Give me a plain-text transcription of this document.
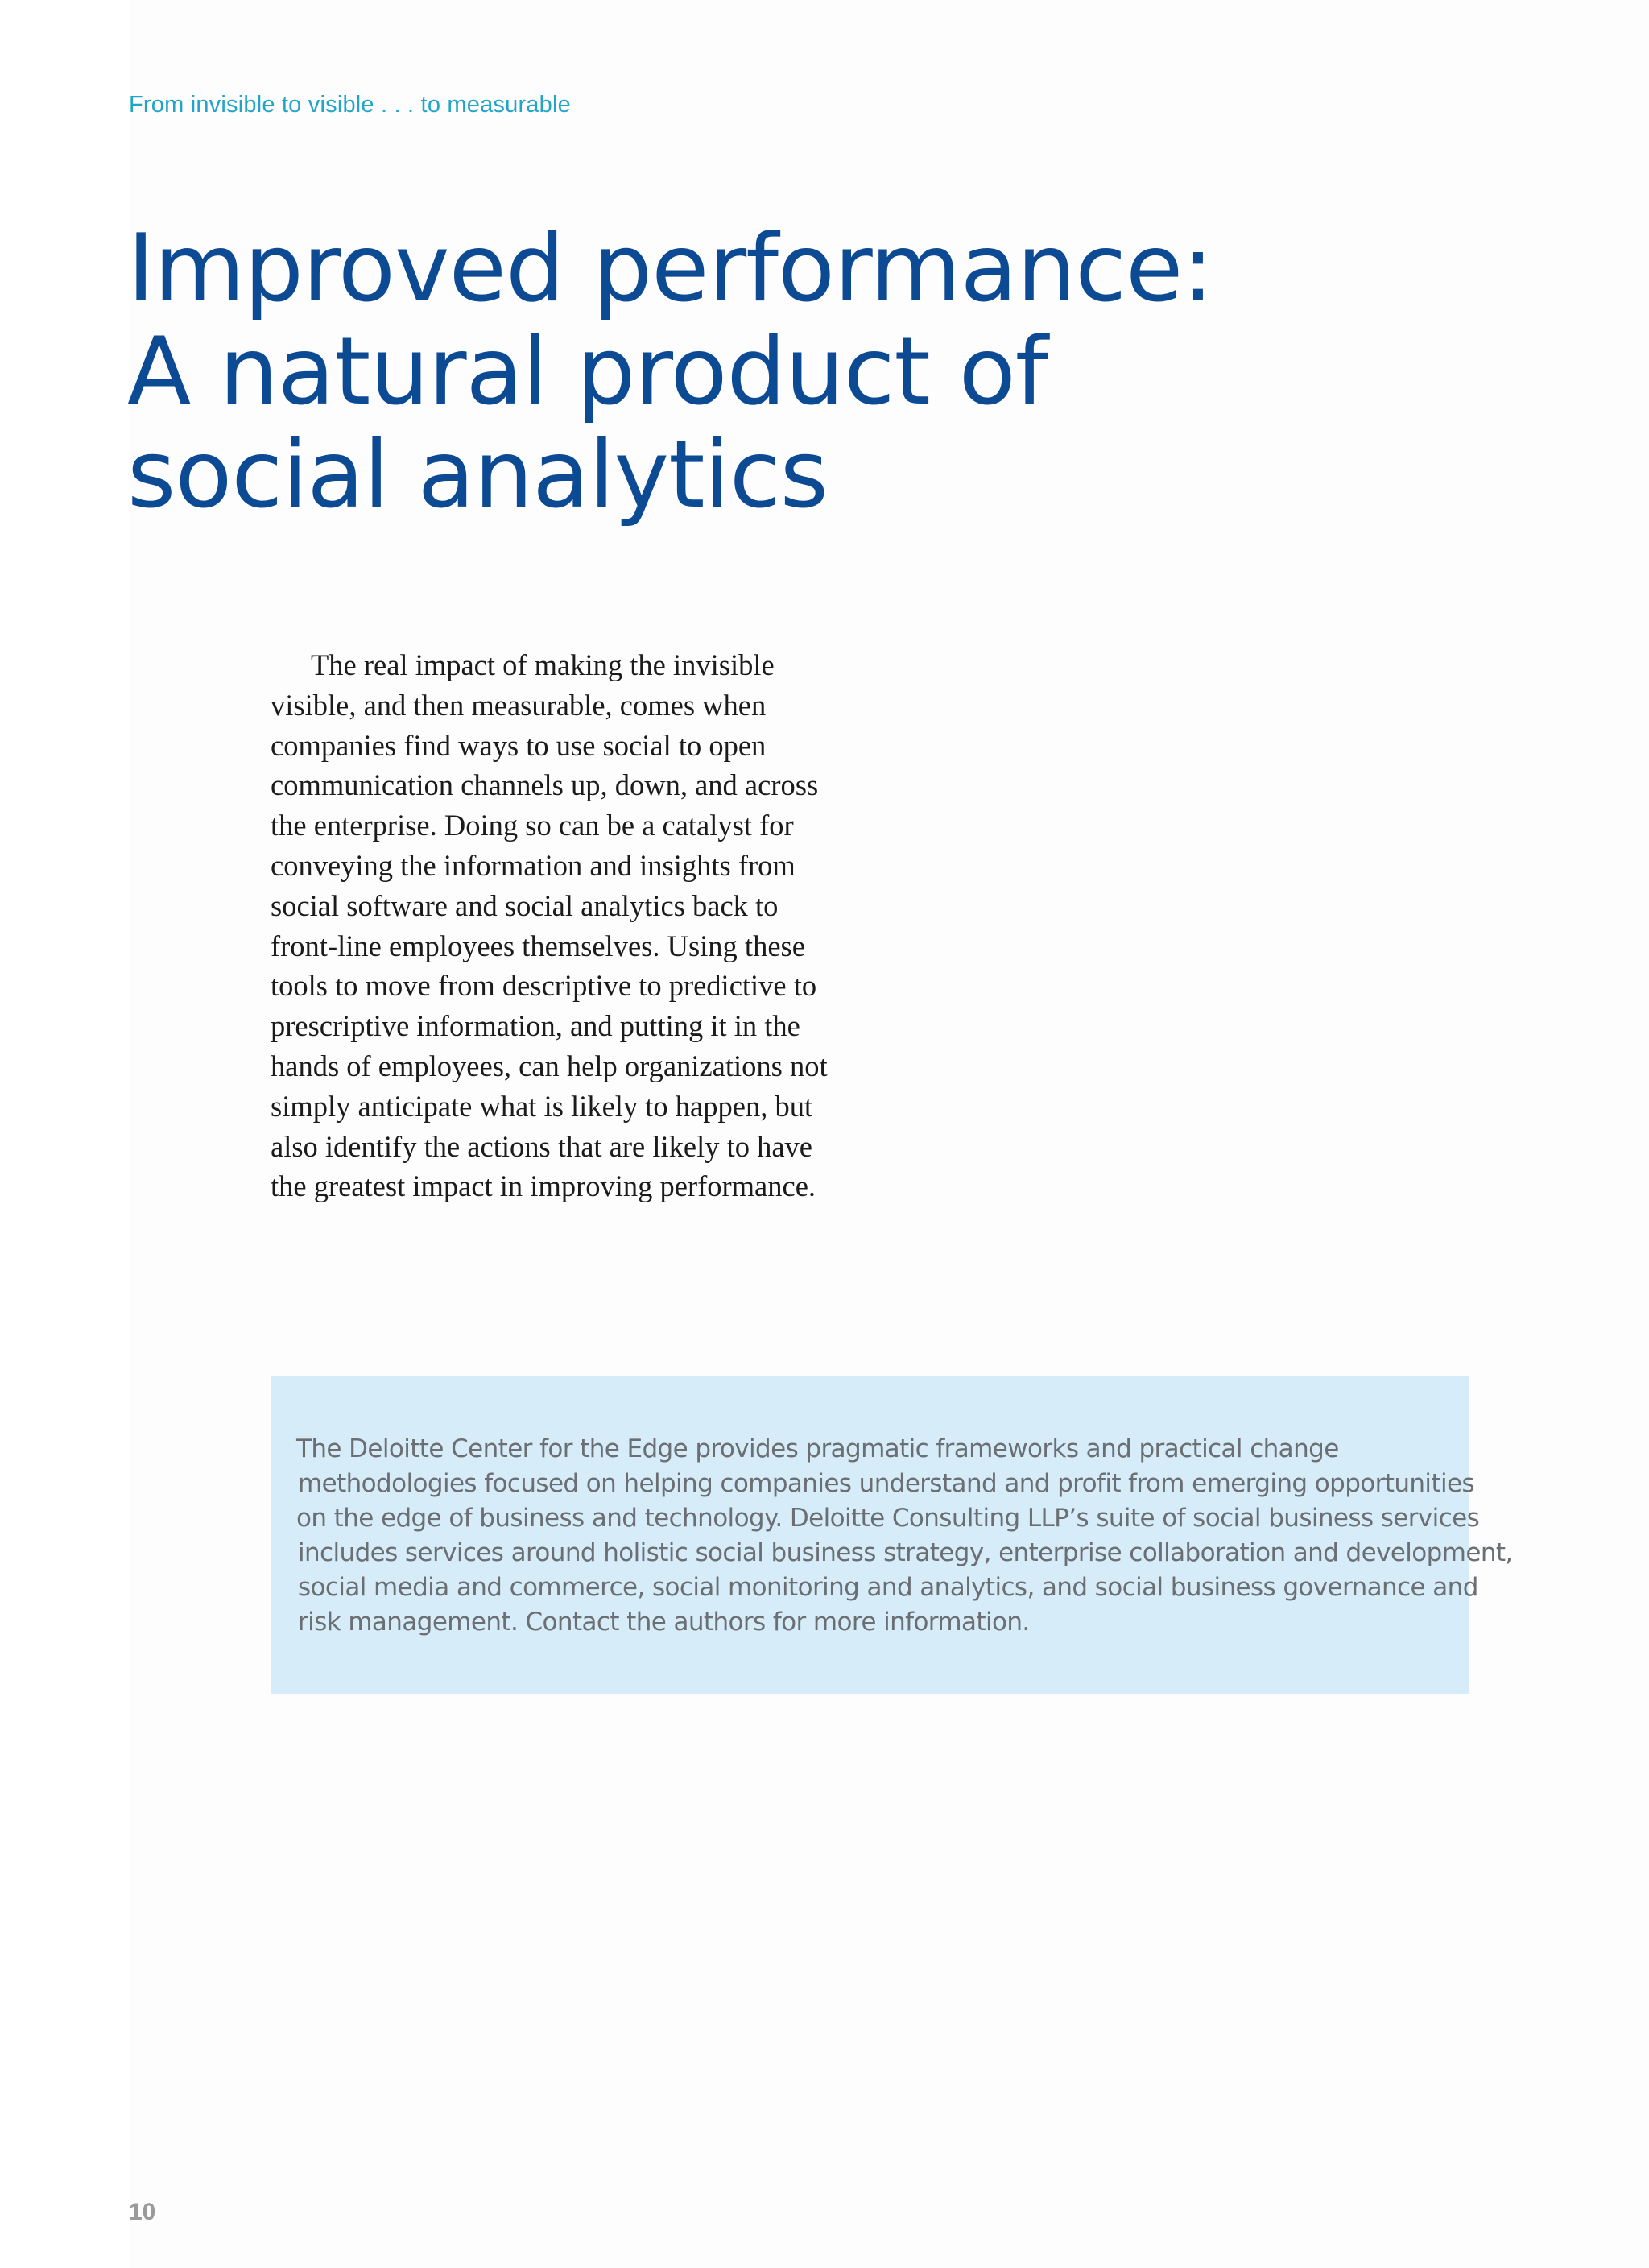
From invisible to visible . . . to measurable
Improved performance:
A natural product of
social analytics

The real impact of making the invisible
visible, and then measurable, comes when
companies find ways to use social to open
communication channels up, down, and across
the enterprise. Doing so can be a catalyst for
conveying the information and insights from
social software and social analytics back to
front-line employees themselves. Using these
tools to move from descriptive to predictive to
prescriptive information, and putting it in the
hands of employees, can help organizations not
simply anticipate what is likely to happen, but
also identify the actions that are likely to have
the greatest impact in improving performance.

The Deloitte Center for the Edge provides pragmatic frameworks and practical change
methodologies focused on helping companies understand and profit from emerging opportunities
on the edge of business and technology. Deloitte Consulting LLP’s suite of social business services
includes services around holistic social business strategy, enterprise collaboration and development,
social media and commerce, social monitoring and analytics, and social business governance and
risk management. Contact the authors for more information.

10
